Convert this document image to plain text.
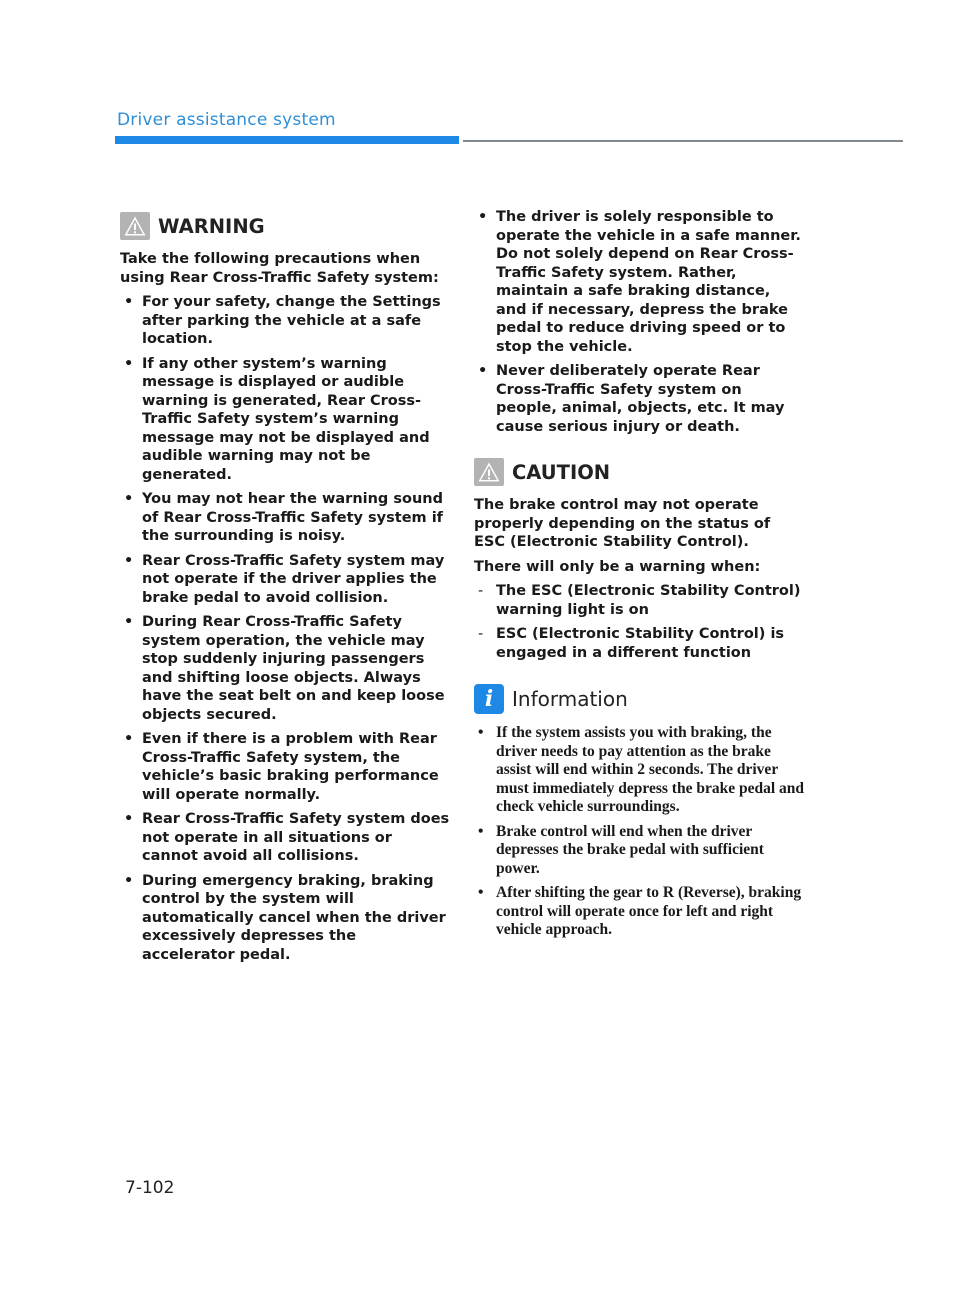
Driver assistance system
WARNING

Take the following precautions when using Rear Cross-Traffic Safety system:

• For your safety, change the Settings after parking the vehicle at a safe location.
• If any other system’s warning message is displayed or audible warning is generated, Rear Cross-Traffic Safety system’s warning message may not be displayed and audible warning may not be generated.
• You may not hear the warning sound of Rear Cross-Traffic Safety system if the surrounding is noisy.
• Rear Cross-Traffic Safety system may not operate if the driver applies the brake pedal to avoid collision.
• During Rear Cross-Traffic Safety system operation, the vehicle may stop suddenly injuring passengers and shifting loose objects. Always have the seat belt on and keep loose objects secured.
• Even if there is a problem with Rear Cross-Traffic Safety system, the vehicle’s basic braking performance will operate normally.
• Rear Cross-Traffic Safety system does not operate in all situations or cannot avoid all collisions.
• During emergency braking, braking control by the system will automatically cancel when the driver excessively depresses the accelerator pedal.
• The driver is solely responsible to operate the vehicle in a safe manner. Do not solely depend on Rear Cross-Traffic Safety system. Rather, maintain a safe braking distance, and if necessary, depress the brake pedal to reduce driving speed or to stop the vehicle.
• Never deliberately operate Rear Cross-Traffic Safety system on people, animal, objects, etc. It may cause serious injury or death.
CAUTION

The brake control may not operate properly depending on the status of ESC (Electronic Stability Control).

There will only be a warning when:

- The ESC (Electronic Stability Control) warning light is on
- ESC (Electronic Stability Control) is engaged in a different function
i Information
• If the system assists you with braking, the driver needs to pay attention as the brake assist will end within 2 seconds. The driver must immediately depress the brake pedal and check vehicle surroundings.
• Brake control will end when the driver depresses the brake pedal with sufficient power.
• After shifting the gear to R (Reverse), braking control will operate once for left and right vehicle approach.
7-102
